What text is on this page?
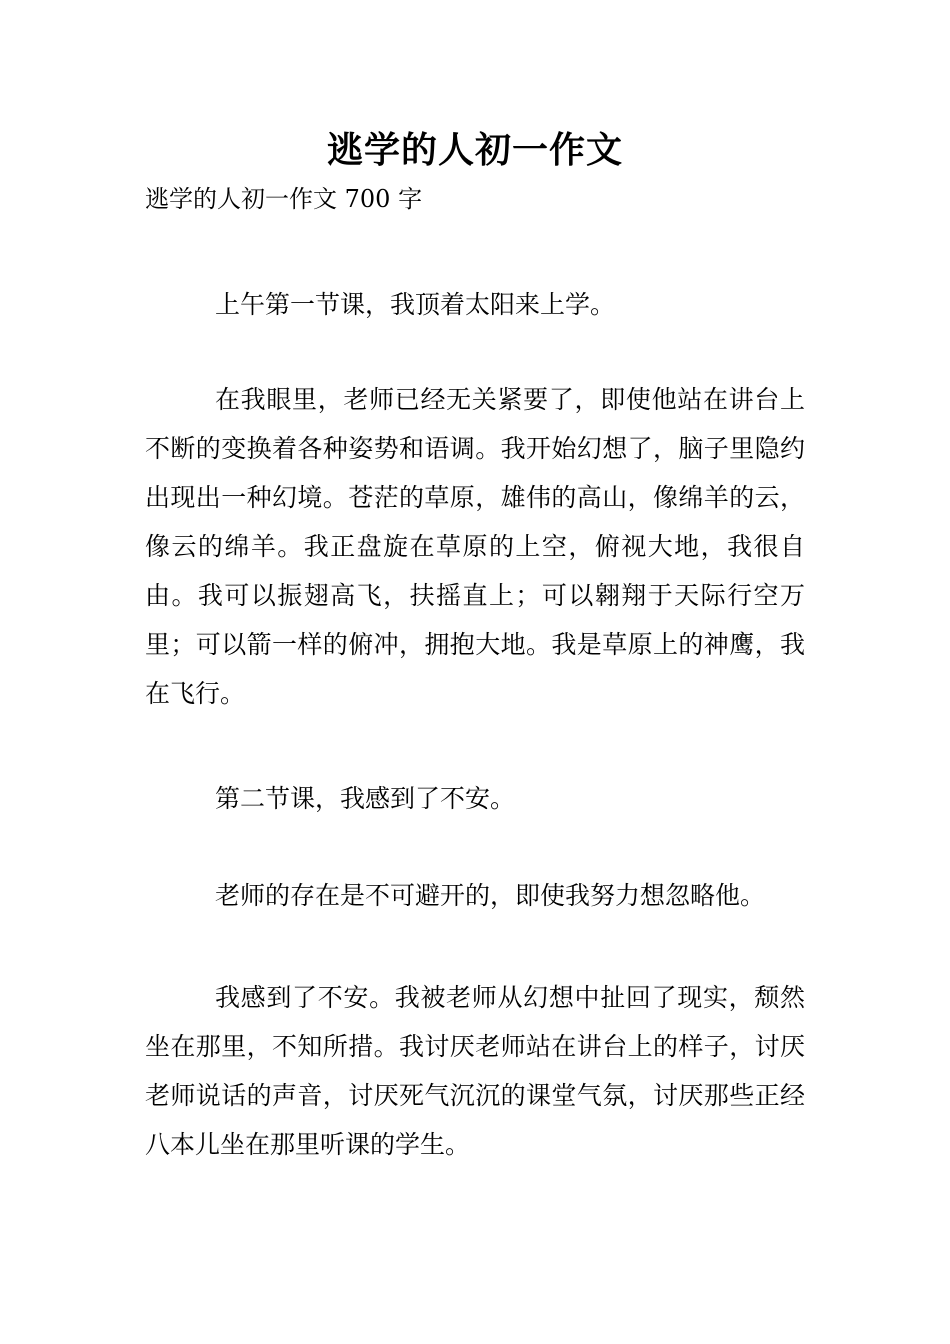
逃学的人初一作文
逃学的人初一作文 700 字

上午第一节课，我顶着太阳来上学。

在我眼里，老师已经无关紧要了，即使他站在讲台上不断的变换着各种姿势和语调。我开始幻想了，脑子里隐约出现出一种幻境。苍茫的草原，雄伟的高山，像绵羊的云，像云的绵羊。我正盘旋在草原的上空，俯视大地，我很自由。我可以振翅高飞，扶摇直上；可以翱翔于天际行空万里；可以箭一样的俯冲，拥抱大地。我是草原上的神鹰，我在飞行。

第二节课，我感到了不安。

老师的存在是不可避开的，即使我努力想忽略他。

我感到了不安。我被老师从幻想中扯回了现实，颓然坐在那里，不知所措。我讨厌老师站在讲台上的样子，讨厌老师说话的声音，讨厌死气沉沉的课堂气氛，讨厌那些正经八本儿坐在那里听课的学生。
